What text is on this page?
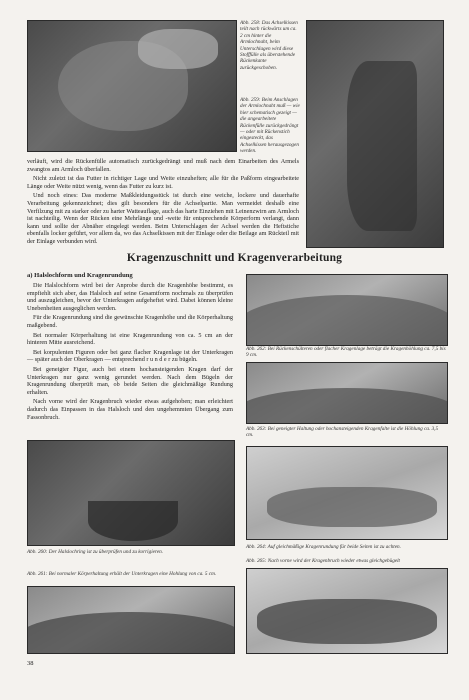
Abb. 258: Das Achselkissen teilt nach rückwärts um ca. 2 cm hinter die Armlochnaht, beim Unterschlagen wird diese Stofffülle als überstehende Rückenkante zurückgeschoben.
Abb. 259: Beim Anschlagen der Armlochnaht muß — wie hier schematisch gezeigt — die angearbeitete Rückenfülle zurückgedrängt — oder mit Rückenstich eingesteckt, das Achselkissen herausgezogen werden.

verläuft, wird die Rückenfülle automatisch zurückgedrängt und muß nach dem Einarbeiten des Armels zwangtos am Armloch überfallen.

Nicht zuletzt ist das Futter in richtiger Lage und Weite einzuheften; alle für die Paßform eingearbeitete Länge oder Weite nützt wenig, wenn das Futter zu kurz ist.

Und noch eines: Das moderne Maßkleidungsstück ist durch eine weiche, lockere und dauerhafte Verarbeitung gekennzeichnet; dies gilt besonders für die Achselpartie. Man vermeidet deshalb eine Verfilzung mit zu starker oder zu harter Watteauflage, auch das harte Einziehen mit Leinenzwirn am Armloch ist nachteilig. Wenn der Rücken eine Mehrlänge und -weite für entsprechende Körperform verlangt, dann kann und sollte der Abnäher eingelegt werden. Beim Unterschlagen der Achsel werden die Heftstiche ebenfalls locker geführt, vor allem da, wo das Achselkissen mit der Einlage oder die Beilage am Rückteil mit der Einlage verbunden wird.

Kragenzuschnitt und Kragenverarbeitung
a) Halslochform und Kragenrundung

Die Halslochform wird bei der Anprobe durch die Kragenhöhe bestimmt, es empfiehlt sich aber, das Halsloch auf seine Gesamtform nochmals zu überprüfen und auszugleichen, bevor der Unterkragen aufgeheftet wird. Dabei können kleine Unebenheiten ausgeglichen werden.

Für die Kragenrundung sind die gewünschte Kragenhöhe und die Körperhaltung maßgebend.

Bei normaler Körperhaltung ist eine Kragenrundung von ca. 5 cm an der hinteren Mitte ausreichend.

Bei korpulenten Figuren oder bei ganz flacher Kragenlage ist der Unterkragen — später auch der Oberkragen — entsprechend r u n d e r zu bügeln.

Bei geneigter Figur, auch bei einem hochansteigenden Kragen darf der Unterkragen nur ganz wenig gerundet werden. Nach dem Bügeln der Kragenrundung überprüft man, ob beide Seiten die gleichmäßige Rundung erhalten.

Nach vorne wird der Kragenbruch wieder etwas aufgehoben; man erleichtert dadurch das Einpassen in das Halsloch und den ungehemmten Übergang zum Fassonbruch.

Abb. 262: Bei Rückenschülteren oder flacher Kragenlage beträgt die Kragenhöhlung ca. 7,5 bis 9 cm.
Abb. 263: Bei geneigter Haltung oder hochansteigenden Kragenfalte ist die Höhlung ca. 3,5 cm.
Abb. 264: Auf gleichmäßige Kragenrundung für beide Seiten ist zu achten.
Abb. 265: Nach vorne wird der Kragenbruch wieder etwas gleichgebügelt
Abb. 260: Der Halslochring ist zu überprüfen und zu korrigieren.
Abb. 261: Bei normaler Körperhaltung erhält der Unterkragen eine Hohlung von ca. 5 cm.
38
